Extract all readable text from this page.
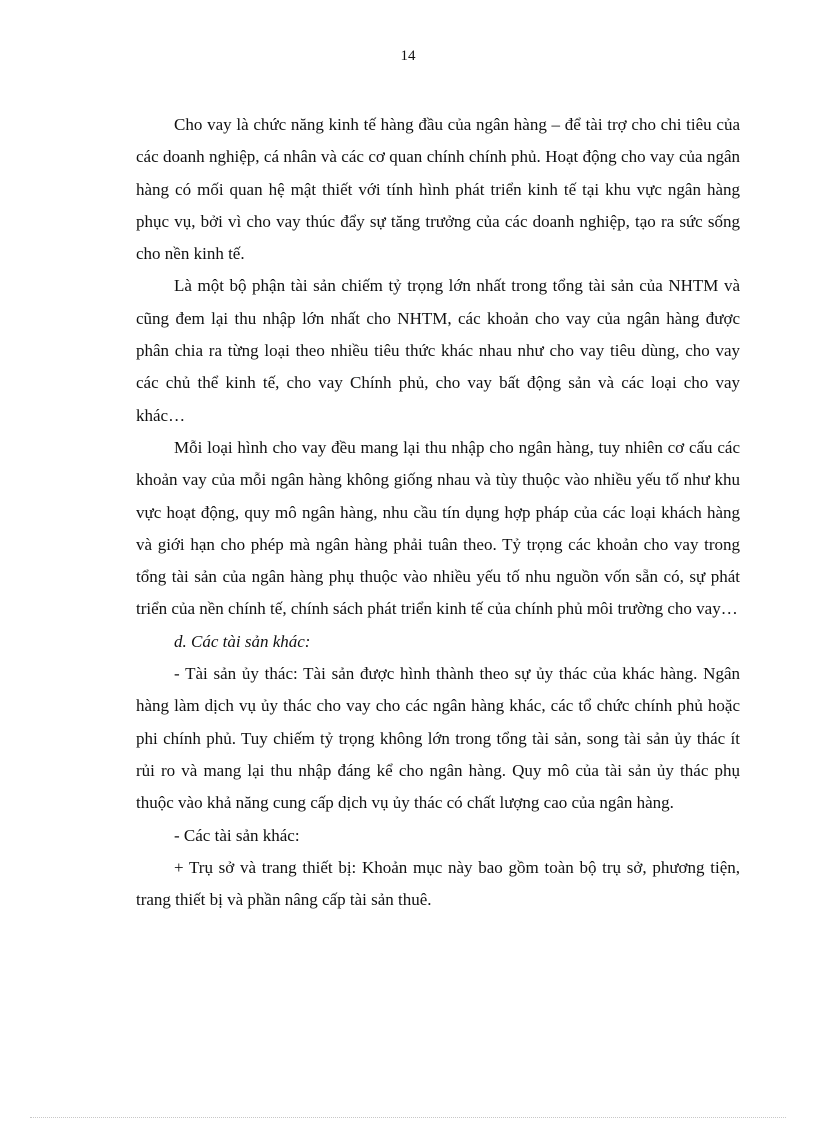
14

Cho vay là chức năng kinh tế hàng đầu của ngân hàng – để tài trợ cho chi tiêu của các doanh nghiệp, cá nhân và các cơ quan chính chính phủ. Hoạt động cho vay của ngân hàng có mối quan hệ mật thiết với tính hình phát triển kinh tế tại khu vực ngân hàng phục vụ, bởi vì cho vay thúc đẩy sự tăng trưởng của các doanh nghiệp, tạo ra sức sống cho nền kinh tế.

Là một bộ phận tài sản chiếm tỷ trọng lớn nhất trong tổng tài sản của NHTM và cũng đem lại thu nhập lớn nhất cho NHTM, các khoản cho vay của ngân hàng được phân chia ra từng loại theo nhiều tiêu thức khác nhau như cho vay tiêu dùng, cho vay các chủ thể kinh tế, cho vay Chính phủ, cho vay bất động sản và các loại cho vay khác…

Mỗi loại hình cho vay đều mang lại thu nhập cho ngân hàng, tuy nhiên cơ cấu các khoản vay của mỗi ngân hàng không giống nhau và tùy thuộc vào nhiều yếu tố như khu vực hoạt động, quy mô ngân hàng, nhu cầu tín dụng hợp pháp của các loại khách hàng và giới hạn cho phép mà ngân hàng phải tuân theo. Tỷ trọng các khoản cho vay trong tổng tài sản của ngân hàng phụ thuộc vào nhiều yếu tố nhu nguồn vốn sẵn có, sự phát triển của nền chính tế, chính sách phát triển kinh tế của chính phủ môi trường cho vay…

d. Các tài sản khác:

- Tài sản ủy thác: Tài sản được hình thành theo sự ủy thác của khác hàng. Ngân hàng làm dịch vụ ủy thác cho vay cho các ngân hàng khác, các tổ chức chính phủ hoặc phi chính phủ. Tuy chiếm tỷ trọng không lớn trong tổng tài sản, song tài sản ủy thác ít rủi ro và mang lại thu nhập đáng kể cho ngân hàng. Quy mô của tài sản ủy thác phụ thuộc vào khả năng cung cấp dịch vụ ủy thác có chất lượng cao của ngân hàng.

- Các tài sản khác:

+ Trụ sở và trang thiết bị: Khoản mục này bao gồm toàn bộ trụ sở, phương tiện, trang thiết bị và phần nâng cấp tài sản thuê.
